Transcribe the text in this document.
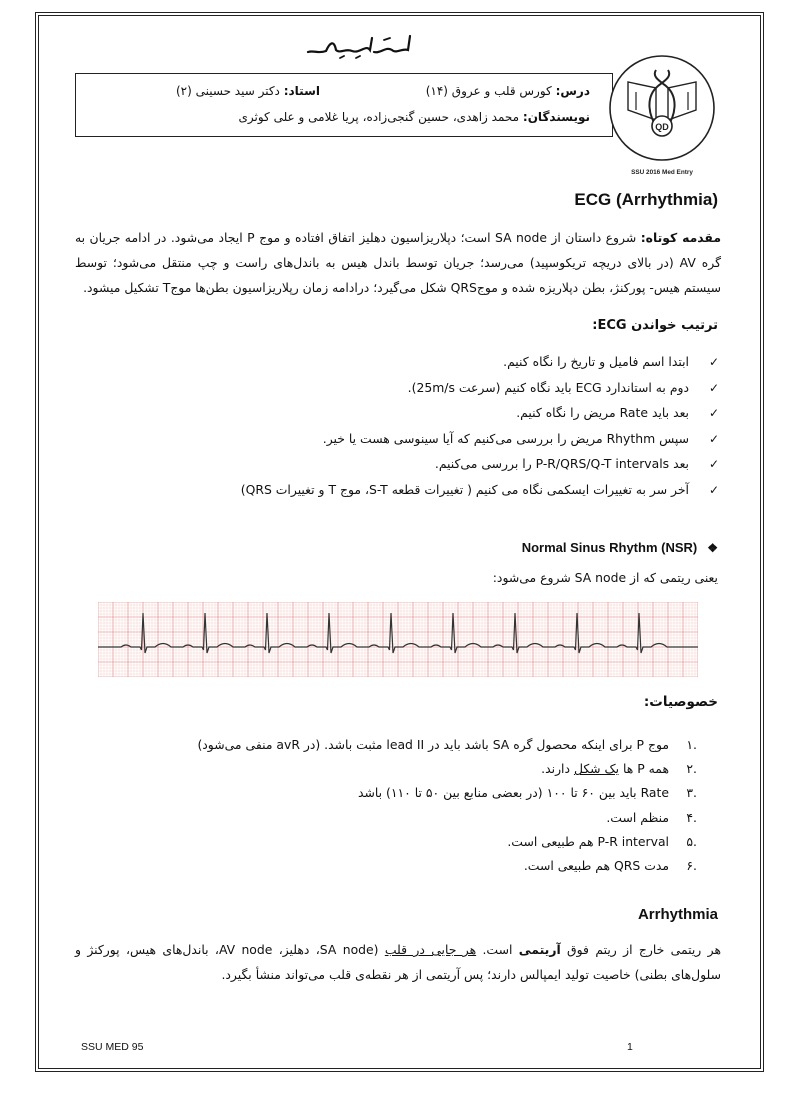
درس: کورس قلب و عروق (۱۴)
استاد: دکتر سید حسینی (۲)
نویسندگان: محمد زاهدی، حسین گنجی‌زاده، پریا غلامی و علی کوثری
QD
SSU 2016 Med Entry
ECG (Arrhythmia)
مقدمه کوتاه: شروع داستان از SA node است؛ دپلاریزاسیون دهلیز اتفاق افتاده و موج P ایجاد می‌شود. در ادامه جریان به گره AV (در بالای دریچه تریکوسپید) می‌رسد؛ جریان توسط باندل هیس به باندل‌های راست و چپ منتقل می‌شود؛ توسط سیستم هیس- پورکنژ، بطن دپلاریزه شده و موجQRS شکل می‌گیرد؛ درادامه زمان رپلاریزاسیون بطن‌ها موجT تشکیل میشود.
ترتیب خواندن ECG:
✓ابتدا اسم فامیل و تاریخ را نگاه کنیم.
✓دوم به استاندارد ECG باید نگاه کنیم (سرعت 25m/s).
✓بعد باید Rate مریض را نگاه کنیم.
✓سپس Rhythm مریض را بررسی می‌کنیم که آیا سینوسی هست یا خیر.
✓بعد P-R/QRS/Q-T intervals را بررسی می‌کنیم.
✓آخر سر به تغییرات ایسکمی نگاه می کنیم ( تغییرات قطعه S-T، موج T و تغییرات QRS)
Normal Sinus Rhythm (NSR) ❖
یعنی ریتمی که از SA node شروع می‌شود:
خصوصیات:
.۱موج P برای اینکه محصول گره SA باشد باید در lead II مثبت باشد. (در avR منفی می‌شود)
.۲همه P ها یک شکل دارند.
.۳Rate باید بین ۶۰ تا ۱۰۰ (در بعضی منابع بین ۵۰ تا ۱۱۰) باشد
.۴منظم است.
.۵P-R interval هم طبیعی است.
.۶مدت QRS هم طبیعی است.
Arrhythmia
هر ریتمی خارج از ریتم فوق آریتمی است. هر جایی در قلب (SA node، دهلیز، AV node، باندل‌های هیس، پورکنژ و سلول‌های بطنی) خاصیت تولید ایمپالس دارند؛ پس آریتمی از هر نقطه‌ی قلب می‌تواند منشأ بگیرد.
SSU MED 95	1
